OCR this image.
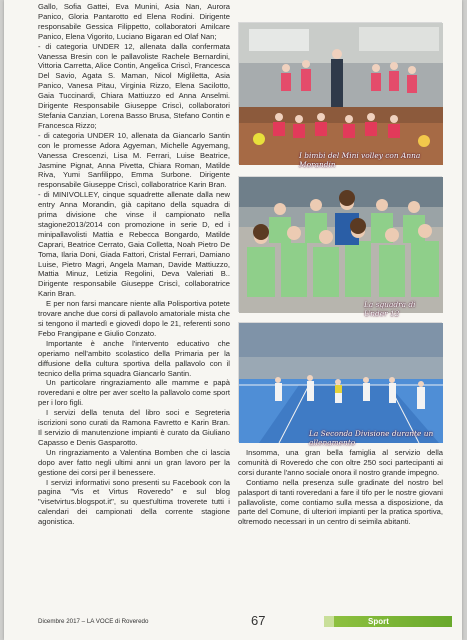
Gallo, Sofia Gattei, Eva Munini, Asia Nan, Aurora Panico, Gloria Pantarotto ed Elena Rodini. Dirigente responsabile Gessica Filippetto, collaboratori Amilcare Panico, Elena Vigorito, Luciano Bigaran ed Olaf Nan;

- di categoria UNDER 12, allenata dalla confermata Vanessa Bresin con le pallavoliste Rachele Bernardini, Vittoria Carretta, Alice Contin, Angelica Criscì, Francesca Del Savio, Agata S. Maman, Nicol Migliletta, Asia Panico, Vanesa Pitau, Virginia Rizzo, Elena Sacilotto, Gaia Tuccinardi, Chiara Mattiuzzo ed Anna Anselmi. Dirigente Responsabile Giuseppe Criscì, collaboratori Stefania Canzian, Lorena Basso Brusa, Stefano Contin e Francesca Rizzo;

- di categoria UNDER 10, allenata da Giancarlo Santin con le promesse Adora Agyeman, Michelle Agyemang, Vanessa Crescenzi, Lisa M. Ferrari, Luise Beatrice, Jasmine Pignat, Anna Pivetta, Chiara Roman, Matilde Riva, Yumi Sanfilippo, Emma Surbone. Dirigente responsabile Giuseppe Criscì, collaboratrice Karin Bran.

- di MINIVOLLEY, cinque squadrette allenate dalla new entry Anna Morandin, già capitano della squadra di prima divisione che vinse il campionato nella stagione2013/2014 con promozione in serie D, ed i minipallavolisti Mattia e Rebecca Bongardo, Matilde Caprari, Beatrice Cerrato, Gaia Colletta, Noah Pietro De Toma, Ilaria Doni, Giada Fattori, Cristal Ferrari, Damiano Luise, Pietro Magri, Angela Maman, Davide Mattiuzzo, Mattia Minuz, Letizia Regolini, Deva Valeriati B.. Dirigente responsabile Giuseppe Criscì, collaboratrice Karin Bran.

E per non farsi mancare niente alla Polisportiva potete trovare anche due corsi di pallavolo amatoriale mista che si tengono il martedì e giovedì dopo le 21, referenti sono Febo Frangipane e Giulio Conzato.

Importante è anche l'intervento educativo che operiamo nell'ambito scolastico della Primaria per la diffusione della cultura sportiva della pallavolo con il tecnico della prima squadra Giancarlo Santin.

Un particolare ringraziamento alle mamme e papà roveredani e oltre per aver scelto la pallavolo come sport per i loro figli.

I servizi della tenuta del libro soci e Segreteria iscrizioni sono curati da Ramona Favretto e Karin Bran. Il servizio di manutenzione impianti è curato da Giuliano Capasso e Denis Gasparotto.

Un ringraziamento a Valentina Bomben che ci lascia dopo aver fatto negli ultimi anni un gran lavoro per la gestione dei corsi per il benessere.

I servizi informativi sono presenti su Facebook con la pagina "Vis et Virtus Roveredo" e sul blog "visetvirtus.blogspot.it", su quest'ultima troverete tutti i calendari dei campionati della corrente stagione agonistica.

I bimbi del Mini volley con Anna Morandin
La squadra di Under 12
La Seconda Divisione durante un allenamento

Insomma, una gran bella famiglia al servizio della comunità di Roveredo che con oltre 250 soci partecipanti ai corsi durante l'anno sociale onora il nostro grande impegno.

Contiamo nella presenza sulle gradinate del nostro bel palasport di tanti roveredani a fare il tifo per le nostre giovani pallavoliste, come contiamo sulla messa a disposizione, da parte del Comune, di ulteriori impianti per la pratica sportiva, oltremodo necessari in un centro di seimila abitanti.

Dicembre 2017 – LA VOCE di Roveredo	67	Sport
